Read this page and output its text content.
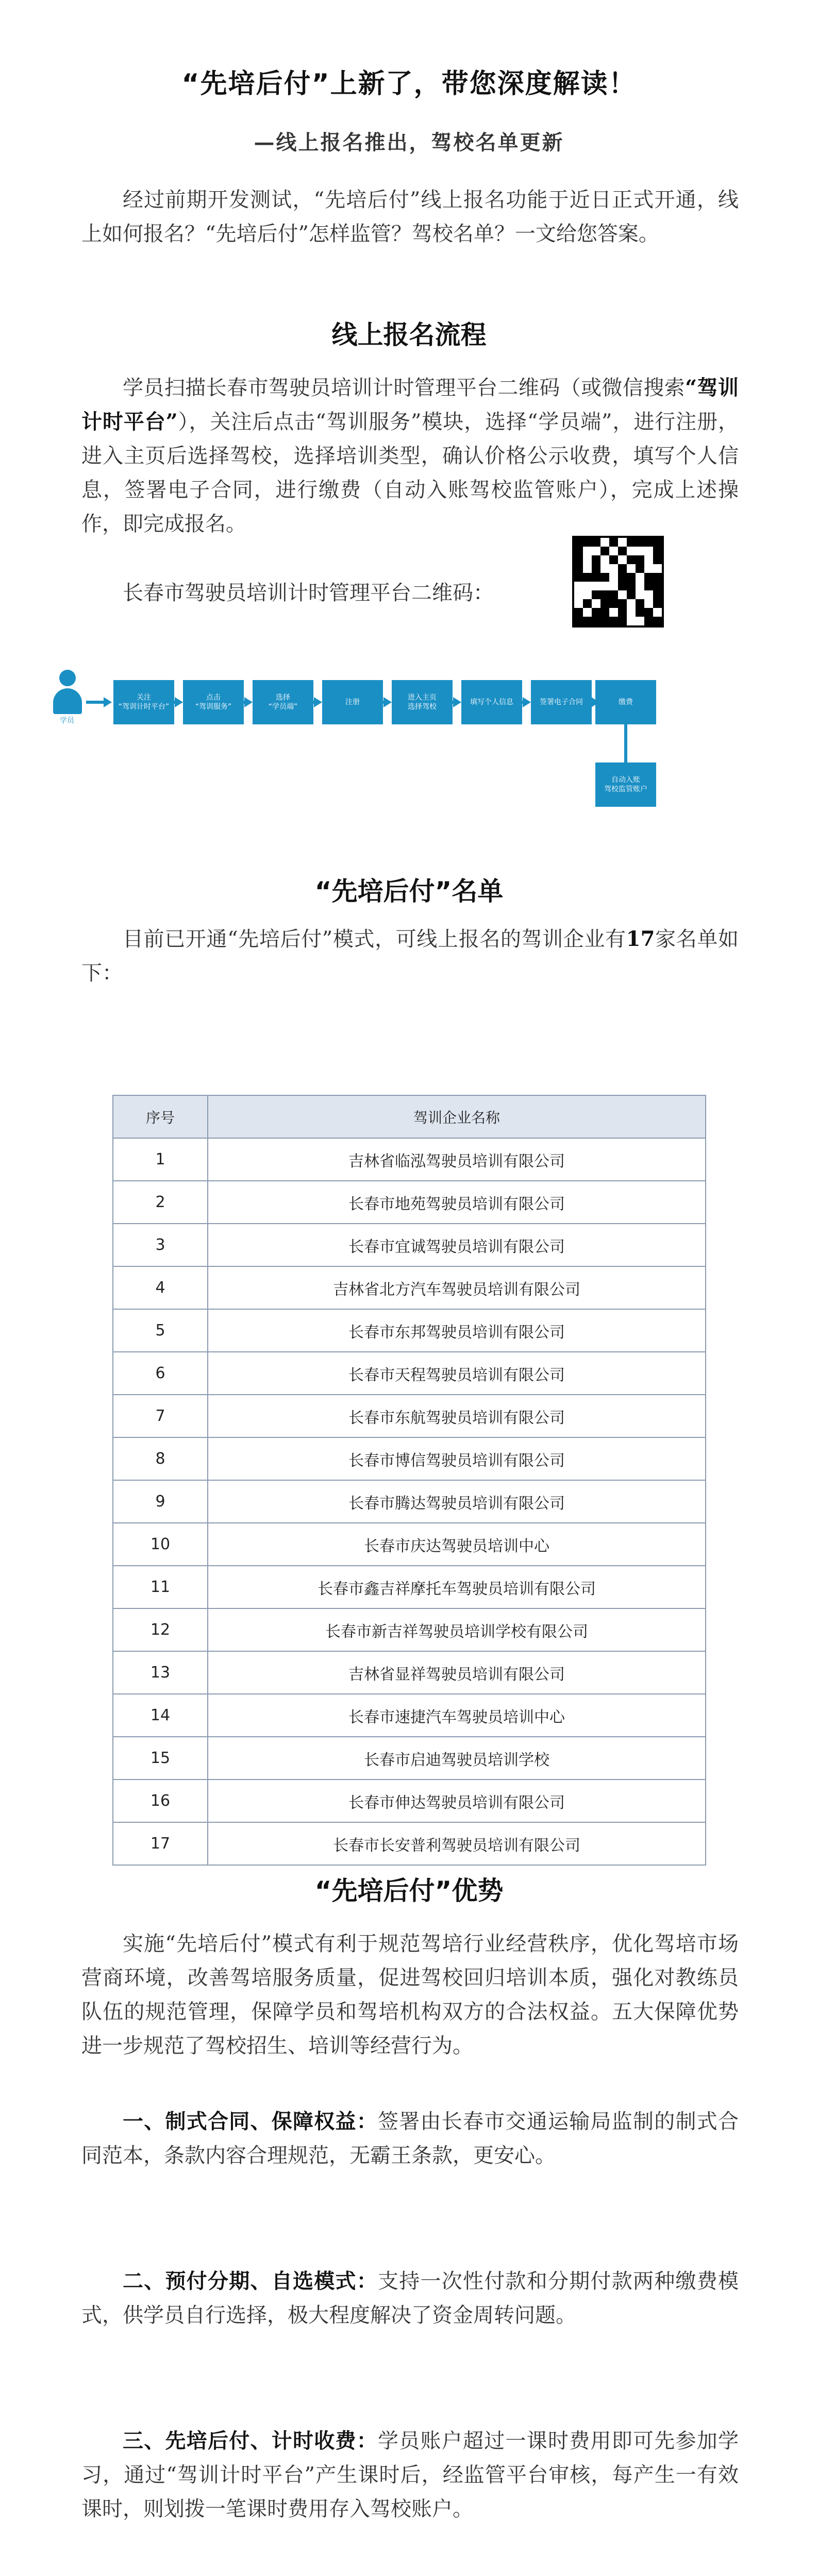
“先培后付”上新了，带您深度解读！
—线上报名推出，驾校名单更新
经过前期开发测试，“先培后付”线上报名功能于近日正式开通，线上如何报名？“先培后付”怎样监管？驾校名单？一文给您答案。
线上报名流程
学员扫描长春市驾驶员培训计时管理平台二维码（或微信搜索“驾训计时平台”），关注后点击“驾训服务”模块，选择“学员端”，进行注册，进入主页后选择驾校，选择培训类型，确认价格公示收费，填写个人信息，签署电子合同，进行缴费（自动入账驾校监管账户），完成上述操作，即完成报名。
长春市驾驶员培训计时管理平台二维码：
学员
关注
“驾训计时平台”
点击
“驾训服务”
选择
“学员端”
注册
进入主页
选择驾校
填写个人信息	签署电子合同	缴费
自动入账
驾校监管账户
“先培后付”名单
目前已开通“先培后付”模式，可线上报名的驾训企业有17家名单如下：
序号	驾训企业名称
1	吉林省临泓驾驶员培训有限公司
2	长春市地苑驾驶员培训有限公司
3	长春市宜诚驾驶员培训有限公司
4	吉林省北方汽车驾驶员培训有限公司
5	长春市东邦驾驶员培训有限公司
6	长春市天程驾驶员培训有限公司
7	长春市东航驾驶员培训有限公司
8	长春市博信驾驶员培训有限公司
9	长春市腾达驾驶员培训有限公司
10	长春市庆达驾驶员培训中心
11	长春市鑫吉祥摩托车驾驶员培训有限公司
12	长春市新吉祥驾驶员培训学校有限公司
13	吉林省显祥驾驶员培训有限公司
14	长春市速捷汽车驾驶员培训中心
15	长春市启迪驾驶员培训学校
16	长春市伸达驾驶员培训有限公司
17	长春市长安普利驾驶员培训有限公司
“先培后付”优势
实施“先培后付”模式有利于规范驾培行业经营秩序，优化驾培市场营商环境，改善驾培服务质量，促进驾校回归培训本质，强化对教练员队伍的规范管理，保障学员和驾培机构双方的合法权益。五大保障优势进一步规范了驾校招生、培训等经营行为。
一、制式合同、保障权益：签署由长春市交通运输局监制的制式合同范本，条款内容合理规范，无霸王条款，更安心。
二、预付分期、自选模式：支持一次性付款和分期付款两种缴费模式，供学员自行选择，极大程度解决了资金周转问题。
三、先培后付、计时收费：学员账户超过一课时费用即可先参加学习，通过“驾训计时平台”产生课时后，经监管平台审核，每产生一有效课时，则划拨一笔课时费用存入驾校账户。
